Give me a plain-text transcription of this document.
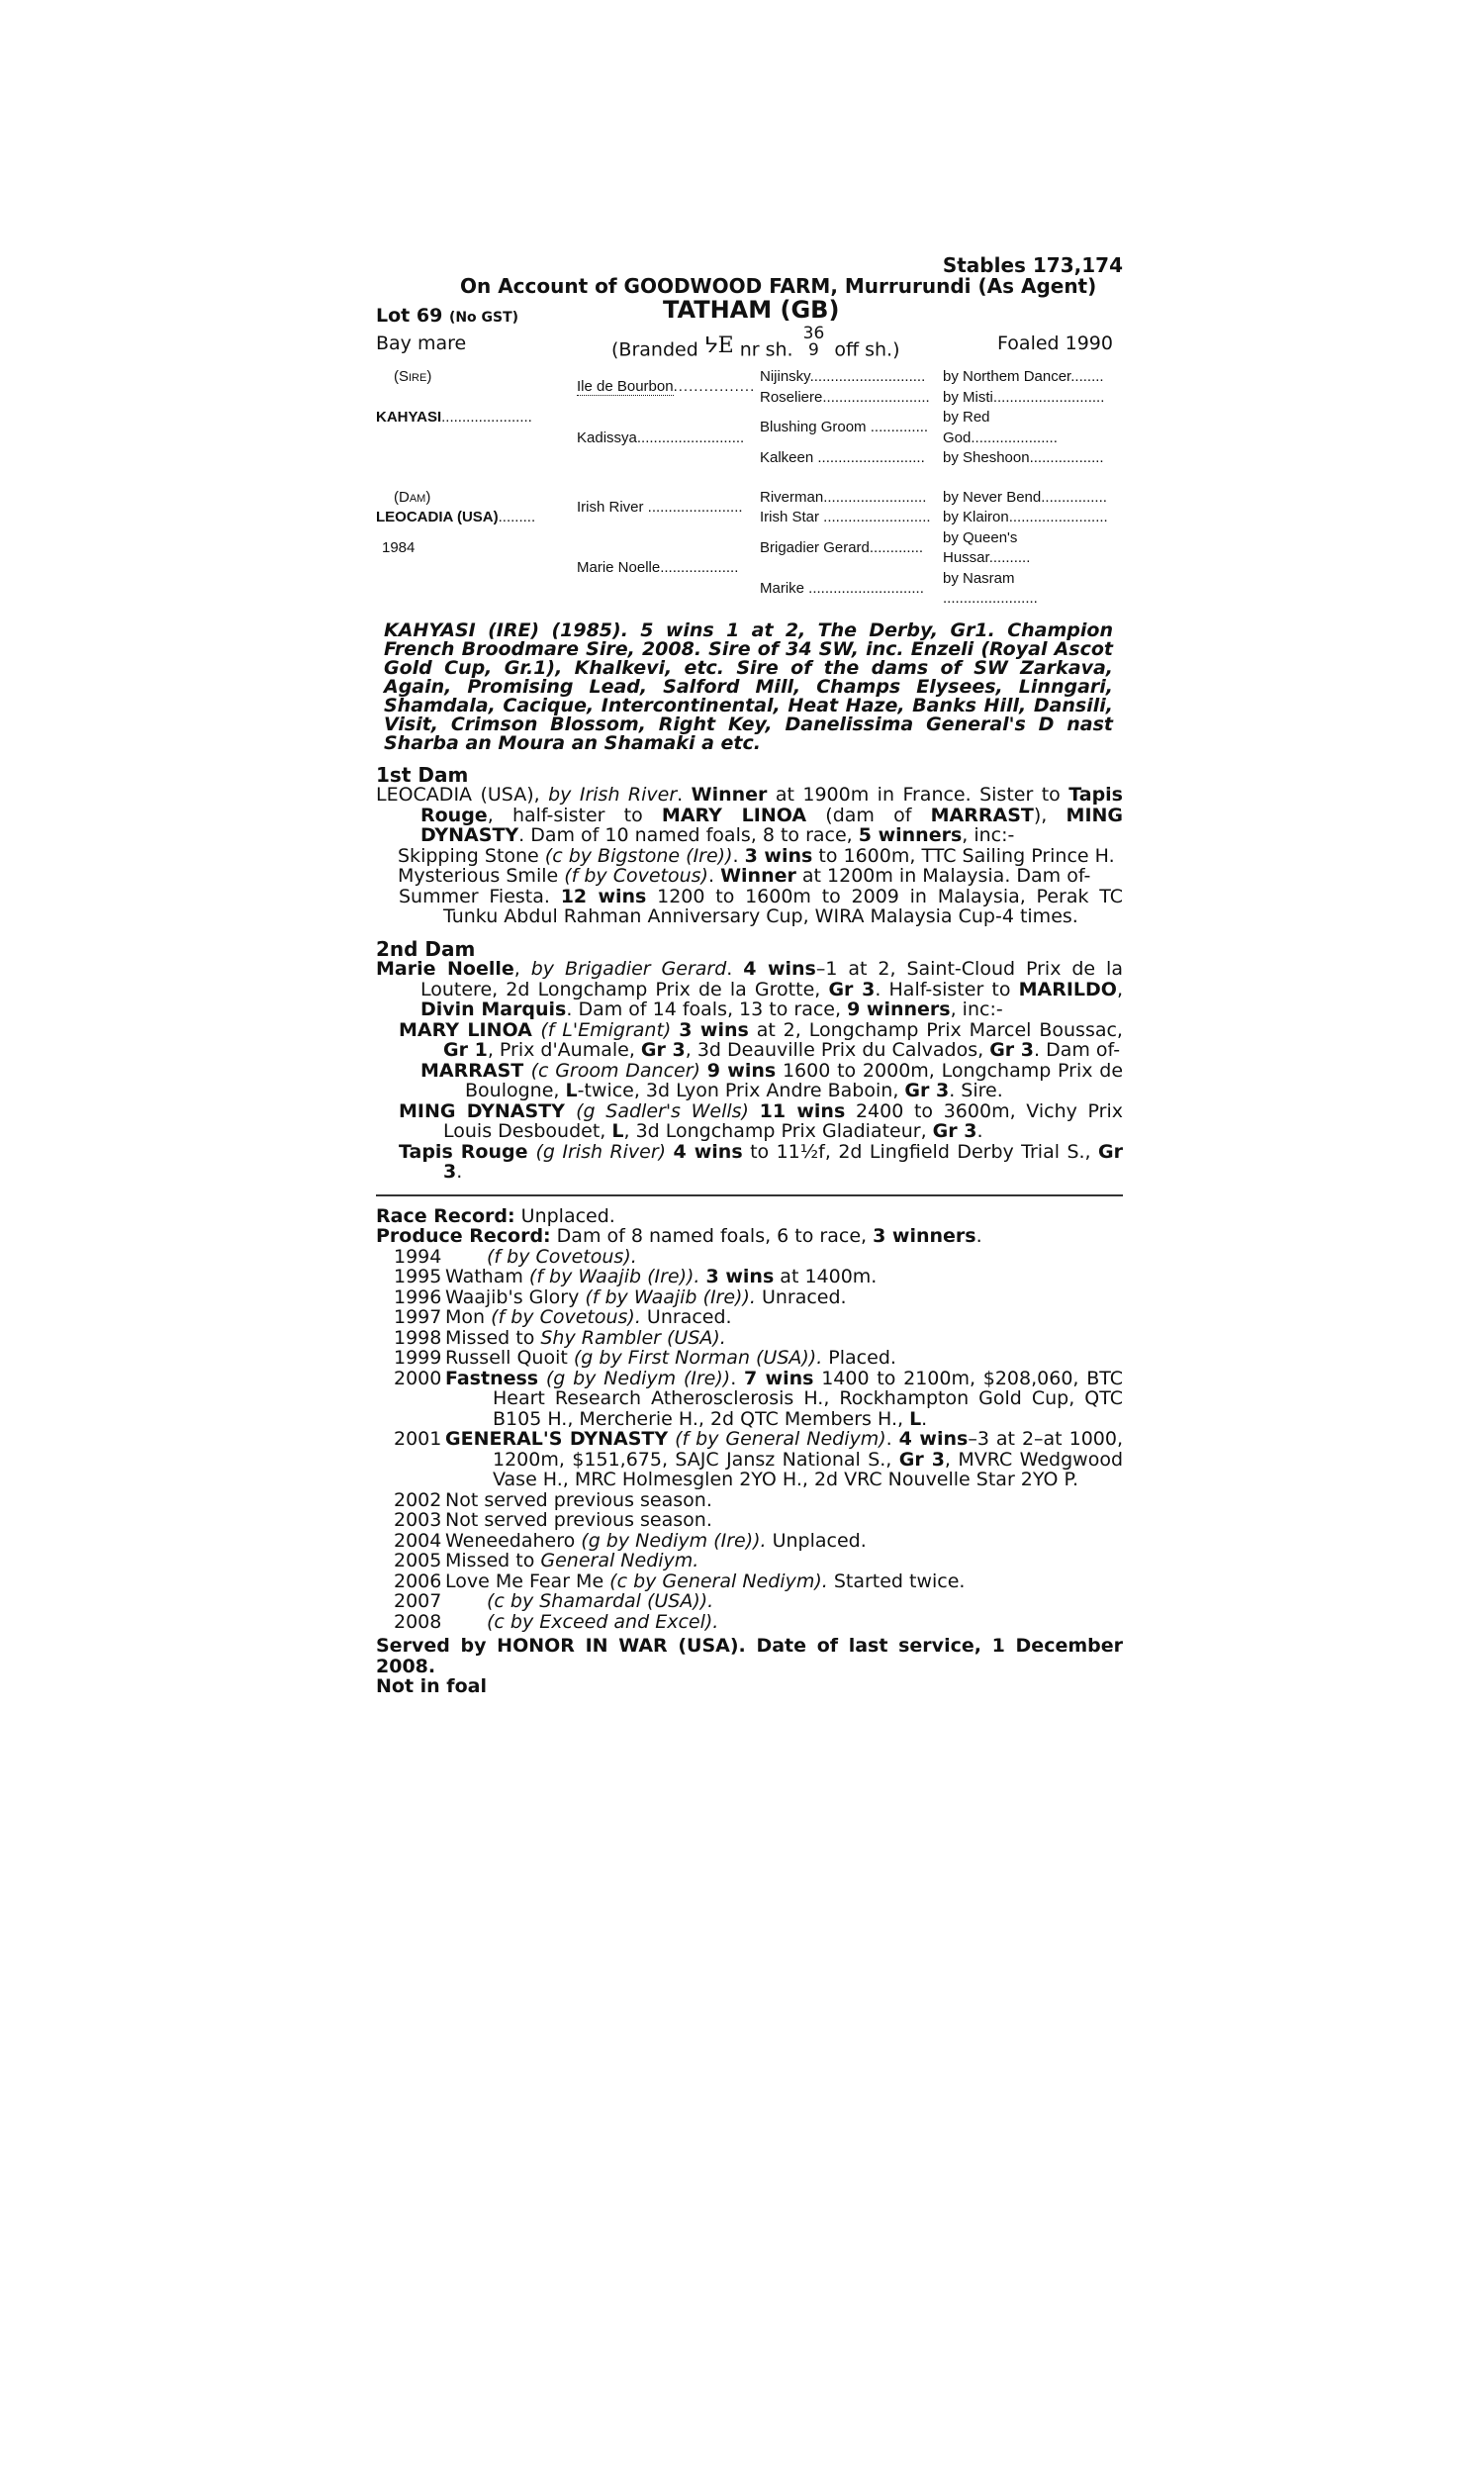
Stables 173,174
On Account of GOODWOOD FARM, Murrurundi (As Agent)
Lot 69 (No GST)	TATHAM (GB)
Bay mare	(Branded ᔭE nr sh. 36
9 off sh.)	Foaled 1990
(Sire)	Ile de Bourbon................	Nijinsky............................	by Northem Dancer........
KAHYASI......................		Roseliere..........................	by Misti...........................
	Kadissya..........................	Blushing Groom ..............	by Red God.....................
		Kalkeen ..........................	by Sheshoon..................

(Dam)	Irish River .......................	Riverman.........................	by Never Bend................
LEOCADIA (USA).........		Irish Star ..........................	by Klairon........................
1984	Marie Noelle...................	Brigadier Gerard.............	by Queen's Hussar..........
		Marike ............................	by Nasram .......................
KAHYASI (IRE) (1985). 5 wins 1 at 2, The Derby, Gr1. Champion French Broodmare Sire, 2008. Sire of 34 SW, inc. Enzeli (Royal Ascot Gold Cup, Gr.1), Khalkevi, etc. Sire of the dams of SW Zarkava, Again, Promising Lead, Salford Mill, Champs Elysees, Linngari, Shamdala, Cacique, Intercontinental, Heat Haze, Banks Hill, Dansili, Visit, Crimson Blossom, Right Key, Danelissima General's D nast Sharba an Moura an Shamaki a etc.
1st Dam

LEOCADIA (USA), by Irish River. Winner at 1900m in France. Sister to Tapis Rouge, half-sister to MARY LINOA (dam of MARRAST), MING DYNASTY. Dam of 10 named foals, 8 to race, 5 winners, inc:-

Skipping Stone (c by Bigstone (Ire)). 3 wins to 1600m, TTC Sailing Prince H.

Mysterious Smile (f by Covetous). Winner at 1200m in Malaysia. Dam of-

Summer Fiesta. 12 wins 1200 to 1600m to 2009 in Malaysia, Perak TC Tunku Abdul Rahman Anniversary Cup, WIRA Malaysia Cup-4 times.

2nd Dam

Marie Noelle, by Brigadier Gerard. 4 wins–1 at 2, Saint-Cloud Prix de la Loutere, 2d Longchamp Prix de la Grotte, Gr 3. Half-sister to MARILDO, Divin Marquis. Dam of 14 foals, 13 to race, 9 winners, inc:-

MARY LINOA (f L'Emigrant) 3 wins at 2, Longchamp Prix Marcel Boussac, Gr 1, Prix d'Aumale, Gr 3, 3d Deauville Prix du Calvados, Gr 3. Dam of-

MARRAST (c Groom Dancer) 9 wins 1600 to 2000m, Longchamp Prix de Boulogne, L-twice, 3d Lyon Prix Andre Baboin, Gr 3. Sire.

MING DYNASTY (g Sadler's Wells) 11 wins 2400 to 3600m, Vichy Prix Louis Desboudet, L, 3d Longchamp Prix Gladiateur, Gr 3.

Tapis Rouge (g Irish River) 4 wins to 11½f, 2d Lingfield Derby Trial S., Gr 3.

Race Record: Unplaced.

Produce Record: Dam of 8 named foals, 6 to race, 3 winners.

1994	(f by Covetous).
1995 Watham (f by Waajib (Ire)). 3 wins at 1400m.
1996 Waajib's Glory (f by Waajib (Ire)). Unraced.
1997 Mon (f by Covetous). Unraced.
1998 Missed to Shy Rambler (USA).
1999 Russell Quoit (g by First Norman (USA)). Placed.
2000 Fastness (g by Nediym (Ire)). 7 wins 1400 to 2100m, $208,060, BTC Heart Research Atherosclerosis H., Rockhampton Gold Cup, QTC B105 H., Mercherie H., 2d QTC Members H., L.
2001 GENERAL'S DYNASTY (f by General Nediym). 4 wins–3 at 2–at 1000, 1200m, $151,675, SAJC Jansz National S., Gr 3, MVRC Wedgwood Vase H., MRC Holmesglen 2YO H., 2d VRC Nouvelle Star 2YO P.
2002 Not served previous season.
2003 Not served previous season.
2004 Weneedahero (g by Nediym (Ire)). Unplaced.
2005 Missed to General Nediym.
2006 Love Me Fear Me (c by General Nediym). Started twice.
2007	(c by Shamardal (USA)).
2008	(c by Exceed and Excel).

Served by HONOR IN WAR (USA). Date of last service, 1 December 2008.

Not in foal
